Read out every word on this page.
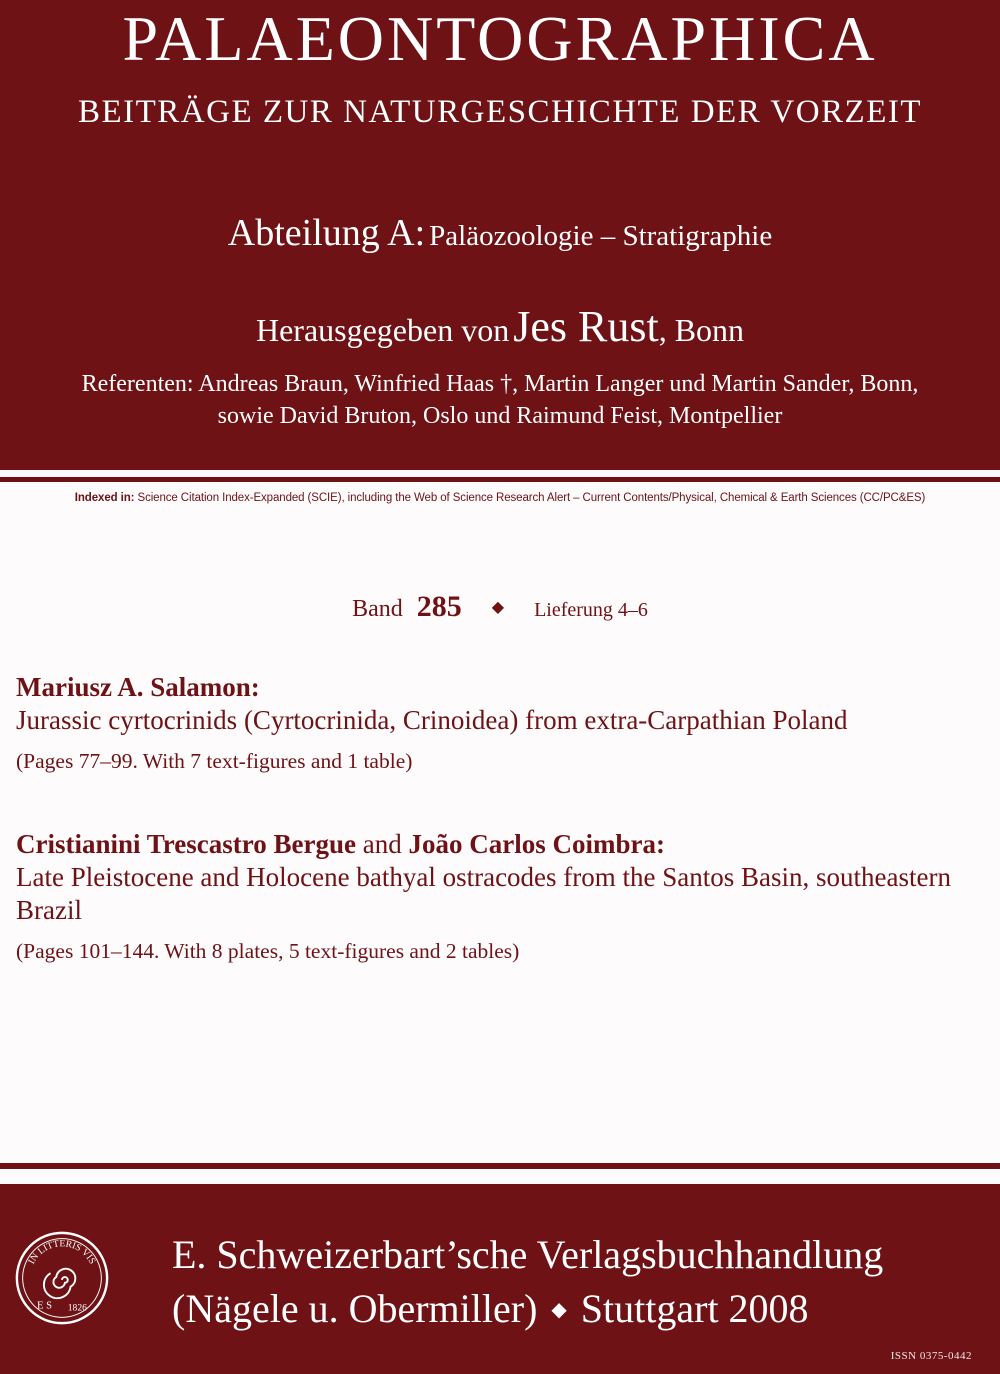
PALAEONTOGRAPHICA
BEITRÄGE ZUR NATURGESCHICHTE DER VORZEIT
Abteilung A: Paläozoologie – Stratigraphie
Herausgegeben von Jes Rust, Bonn
Referenten: Andreas Braun, Winfried Haas †, Martin Langer und Martin Sander, Bonn,
sowie David Bruton, Oslo und Raimund Feist, Montpellier
Indexed in: Science Citation Index-Expanded (SCIE), including the Web of Science Research Alert – Current Contents/Physical, Chemical & Earth Sciences (CC/PC&ES)
Band 285 ◆ Lieferung 4–6
Mariusz A. Salamon:
Jurassic cyrtocrinids (Cyrtocrinida, Crinoidea) from extra-Carpathian Poland
(Pages 77–99. With 7 text-figures and 1 table)
Cristianini Trescastro Bergue and João Carlos Coimbra:
Late Pleistocene and Holocene bathyal ostracodes from the Santos Basin, southeastern Brazil
(Pages 101–144. With 8 plates, 5 text-figures and 2 tables)
IN LITTERIS VIS
E S 1826
E. Schweizerbart’sche Verlagsbuchhandlung
(Nägele u. Obermiller) ◆ Stuttgart 2008
ISSN 0375-0442
